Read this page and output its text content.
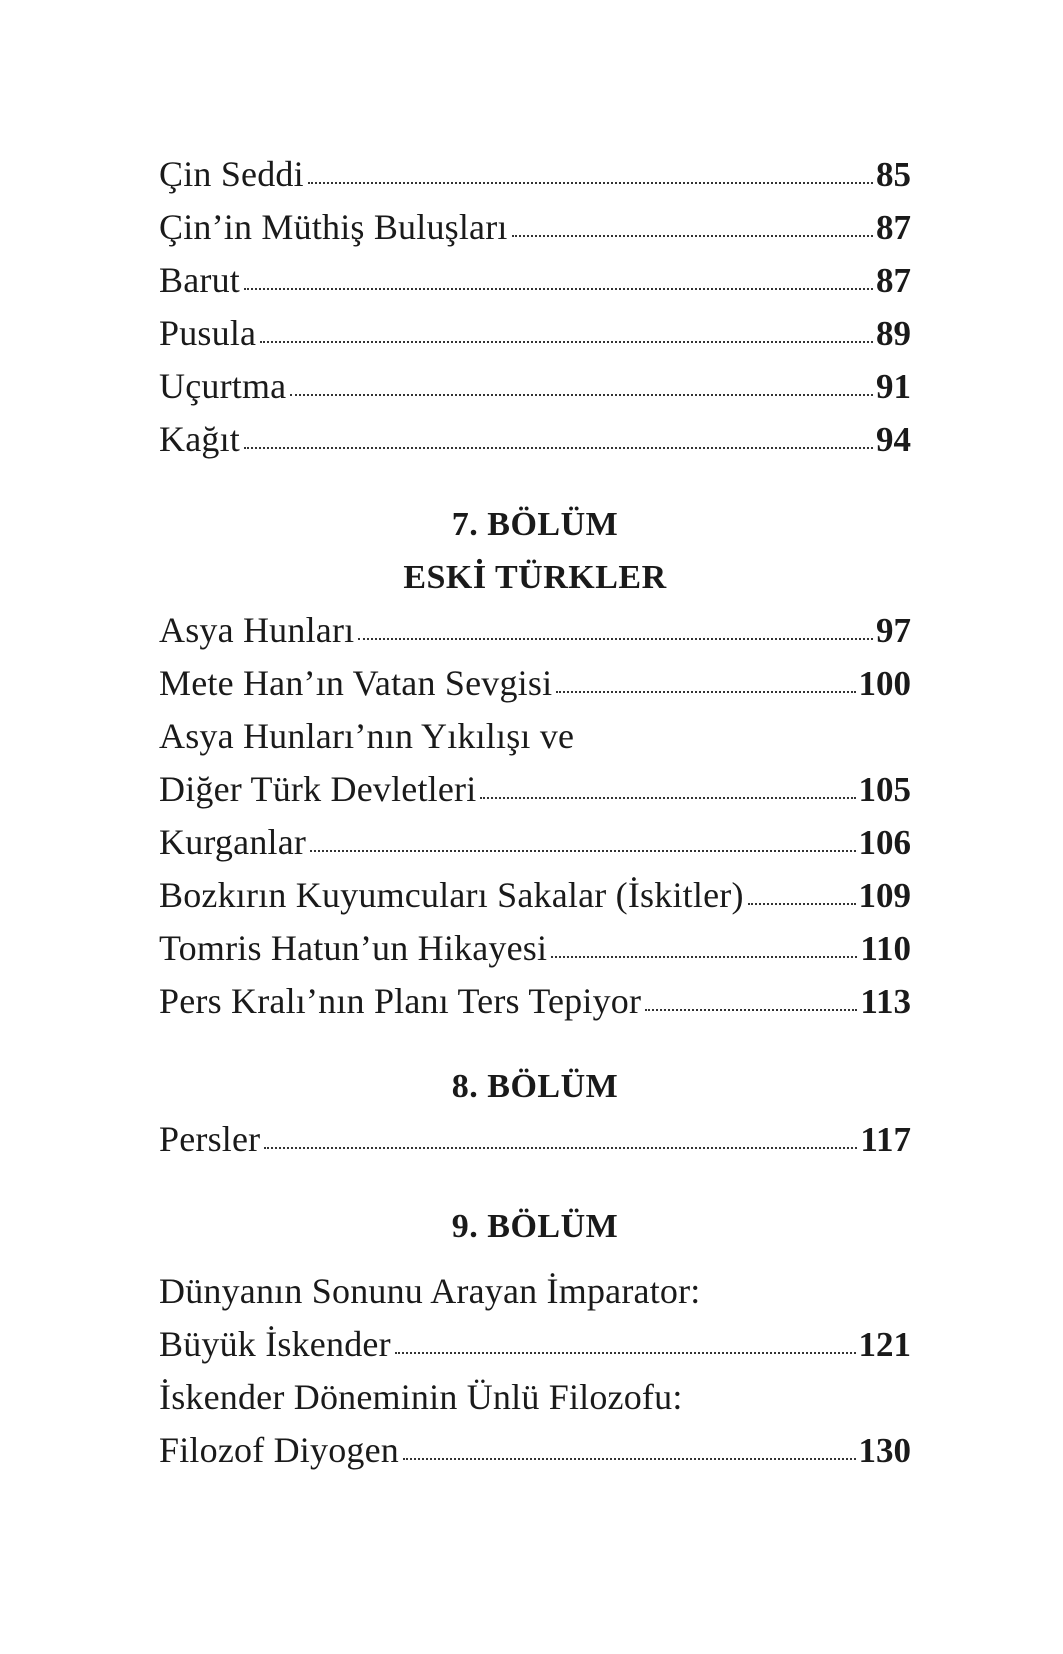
Çin Seddi	85
Çin’in Müthiş Buluşları	87
Barut	87
Pusula	89
Uçurtma	91
Kağıt	94
7. BÖLÜM
ESKİ TÜRKLER
Asya Hunları	97
Mete Han’ın Vatan Sevgisi	100
Asya Hunları’nın Yıkılışı ve
Diğer Türk Devletleri	105
Kurganlar	106
Bozkırın Kuyumcuları Sakalar (İskitler)	109
Tomris Hatun’un Hikayesi	110
Pers Kralı’nın Planı Ters Tepiyor	113
8. BÖLÜM
Persler	117
9. BÖLÜM
Dünyanın Sonunu Arayan İmparator:
Büyük İskender	121
İskender Döneminin Ünlü Filozofu:
Filozof Diyogen	130
